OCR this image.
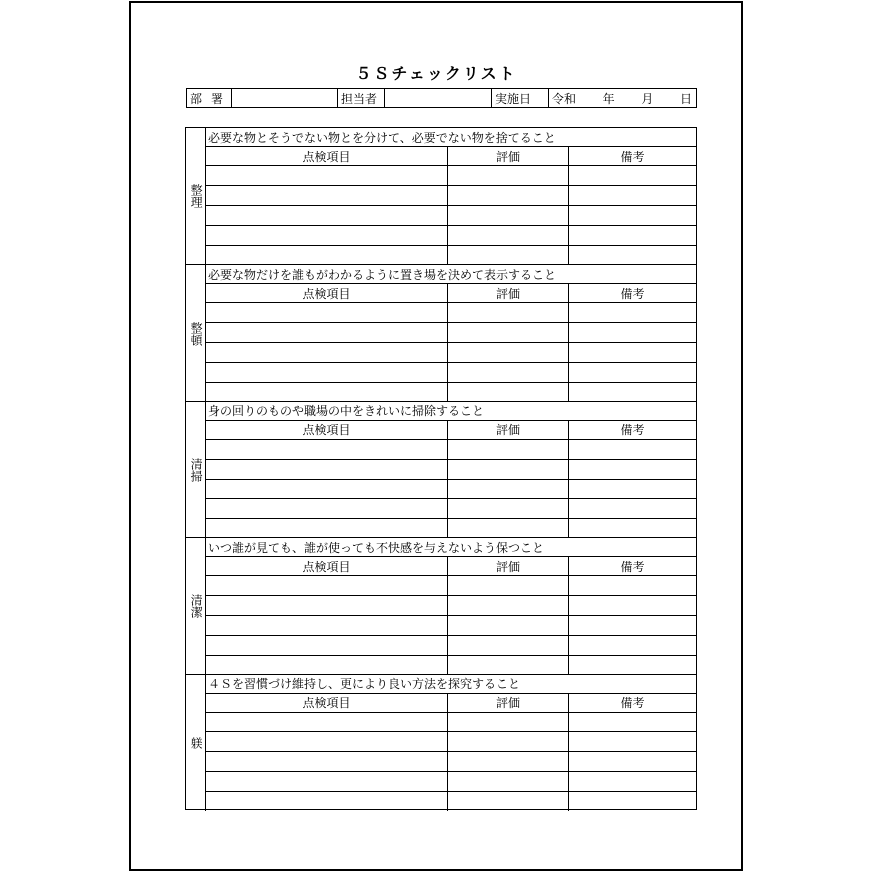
５Ｓチェックリスト
部署	担当者	実施日	令和 年 月 日
整理
必要な物とそうでない物とを分けて、必要でない物を捨てること
点検項目	評価	備考
整頓
必要な物だけを誰もがわかるように置き場を決めて表示すること
点検項目	評価	備考
清掃
身の回りのものや職場の中をきれいに掃除すること
点検項目	評価	備考
清潔
いつ誰が見ても、誰が使っても不快感を与えないよう保つこと
点検項目	評価	備考
躾
４Ｓを習慣づけ維持し、更により良い方法を探究すること
点検項目	評価	備考
